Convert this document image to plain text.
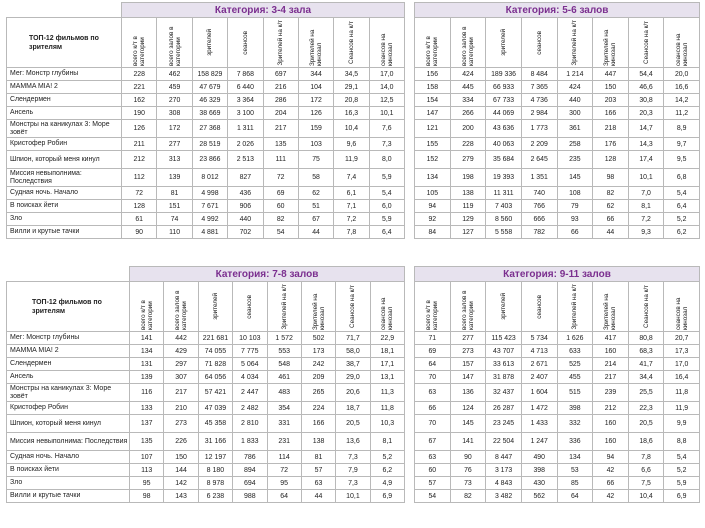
	Категория: 3-4 зала							
ТОП-12 фильмов по зрителям	всего к/т в категории	всего залов в категории	зрителей	сеансов	Зрителей на к/т	Зрителей на кинозал	Сеансов на к/т	сеансов на кинозал

Мег: Монстр глубины	228	462	158 829	7 868	697	344	34,5	17,0
MAMMA MIA! 2	221	459	47 679	6 440	216	104	29,1	14,0
Слендермен	162	270	46 329	3 364	286	172	20,8	12,5
Ансель	190	308	38 669	3 100	204	126	16,3	10,1
Монстры на каникулах 3: Море зовёт	126	172	27 368	1 311	217	159	10,4	7,6
Кристофер Робин	211	277	28 519	2 026	135	103	9,6	7,3
Шпион, который меня кинул	212	313	23 866	2 513	111	75	11,9	8,0
Миссия невыполнима: Последствия	112	139	8 012	827	72	58	7,4	5,9
Судная ночь. Начало	72	81	4 998	436	69	62	6,1	5,4
В поисках йети	128	151	7 671	906	60	51	7,1	6,0
Зло	61	74	4 992	440	82	67	7,2	5,9
Вилли и крутые тачки	90	110	4 881	702	54	44	7,8	6,4
Категория: 5-6 залов							

всего к/т в категории	всего залов в категории	зрителей	сеансов	Зрителей на к/т	Зрителей на кинозал	Сеансов на к/т	сеансов на кинозал

156	424	189 336	8 484	1 214	447	54,4	20,0
158	445	66 933	7 365	424	150	46,6	16,6
154	334	67 733	4 736	440	203	30,8	14,2
147	266	44 069	2 984	300	166	20,3	11,2
121	200	43 636	1 773	361	218	14,7	8,9
155	228	40 063	2 209	258	176	14,3	9,7
152	279	35 684	2 645	235	128	17,4	9,5
134	198	19 393	1 351	145	98	10,1	6,8
105	138	11 311	740	108	82	7,0	5,4
94	119	7 403	766	79	62	8,1	6,4
92	129	8 560	666	93	66	7,2	5,2
84	127	5 558	782	66	44	9,3	6,2
	Категория: 7-8 залов							
ТОП-12 фильмов по зрителям	всего к/т в категории	всего залов в категории	зрителей	сеансов	Зрителей на к/т	Зрителей на кинозал	Сеансов на к/т	сеансов на кинозал

Мег: Монстр глубины	141	442	221 681	10 103	1 572	502	71,7	22,9
MAMMA MIA! 2	134	429	74 055	7 775	553	173	58,0	18,1
Слендермен	131	297	71 828	5 064	548	242	38,7	17,1
Ансель	139	307	64 056	4 034	461	209	29,0	13,1
Монстры на каникулах 3: Море зовёт	116	217	57 421	2 447	483	265	20,6	11,3
Кристофер Робин	133	210	47 039	2 482	354	224	18,7	11,8
Шпион, который меня кинул	137	273	45 358	2 810	331	166	20,5	10,3
Миссия невыполнима: Последствия	135	226	31 166	1 833	231	138	13,6	8,1
Судная ночь. Начало	107	150	12 197	786	114	81	7,3	5,2
В поисках йети	113	144	8 180	894	72	57	7,9	6,2
Зло	95	142	8 978	694	95	63	7,3	4,9
Вилли и крутые тачки	98	143	6 238	988	64	44	10,1	6,9
Категория: 9-11 залов							

всего к/т в категории	всего залов в категории	зрителей	сеансов	Зрителей на к/т	Зрителей на кинозал	Сеансов на к/т	сеансов на кинозал

71	277	115 423	5 734	1 626	417	80,8	20,7
69	273	43 707	4 713	633	160	68,3	17,3
64	157	33 613	2 671	525	214	41,7	17,0
70	147	31 878	2 407	455	217	34,4	16,4
63	136	32 437	1 604	515	239	25,5	11,8
66	124	26 287	1 472	398	212	22,3	11,9
70	145	23 245	1 433	332	160	20,5	9,9
67	141	22 504	1 247	336	160	18,6	8,8
63	90	8 447	490	134	94	7,8	5,4
60	76	3 173	398	53	42	6,6	5,2
57	73	4 843	430	85	66	7,5	5,9
54	82	3 482	562	64	42	10,4	6,9
